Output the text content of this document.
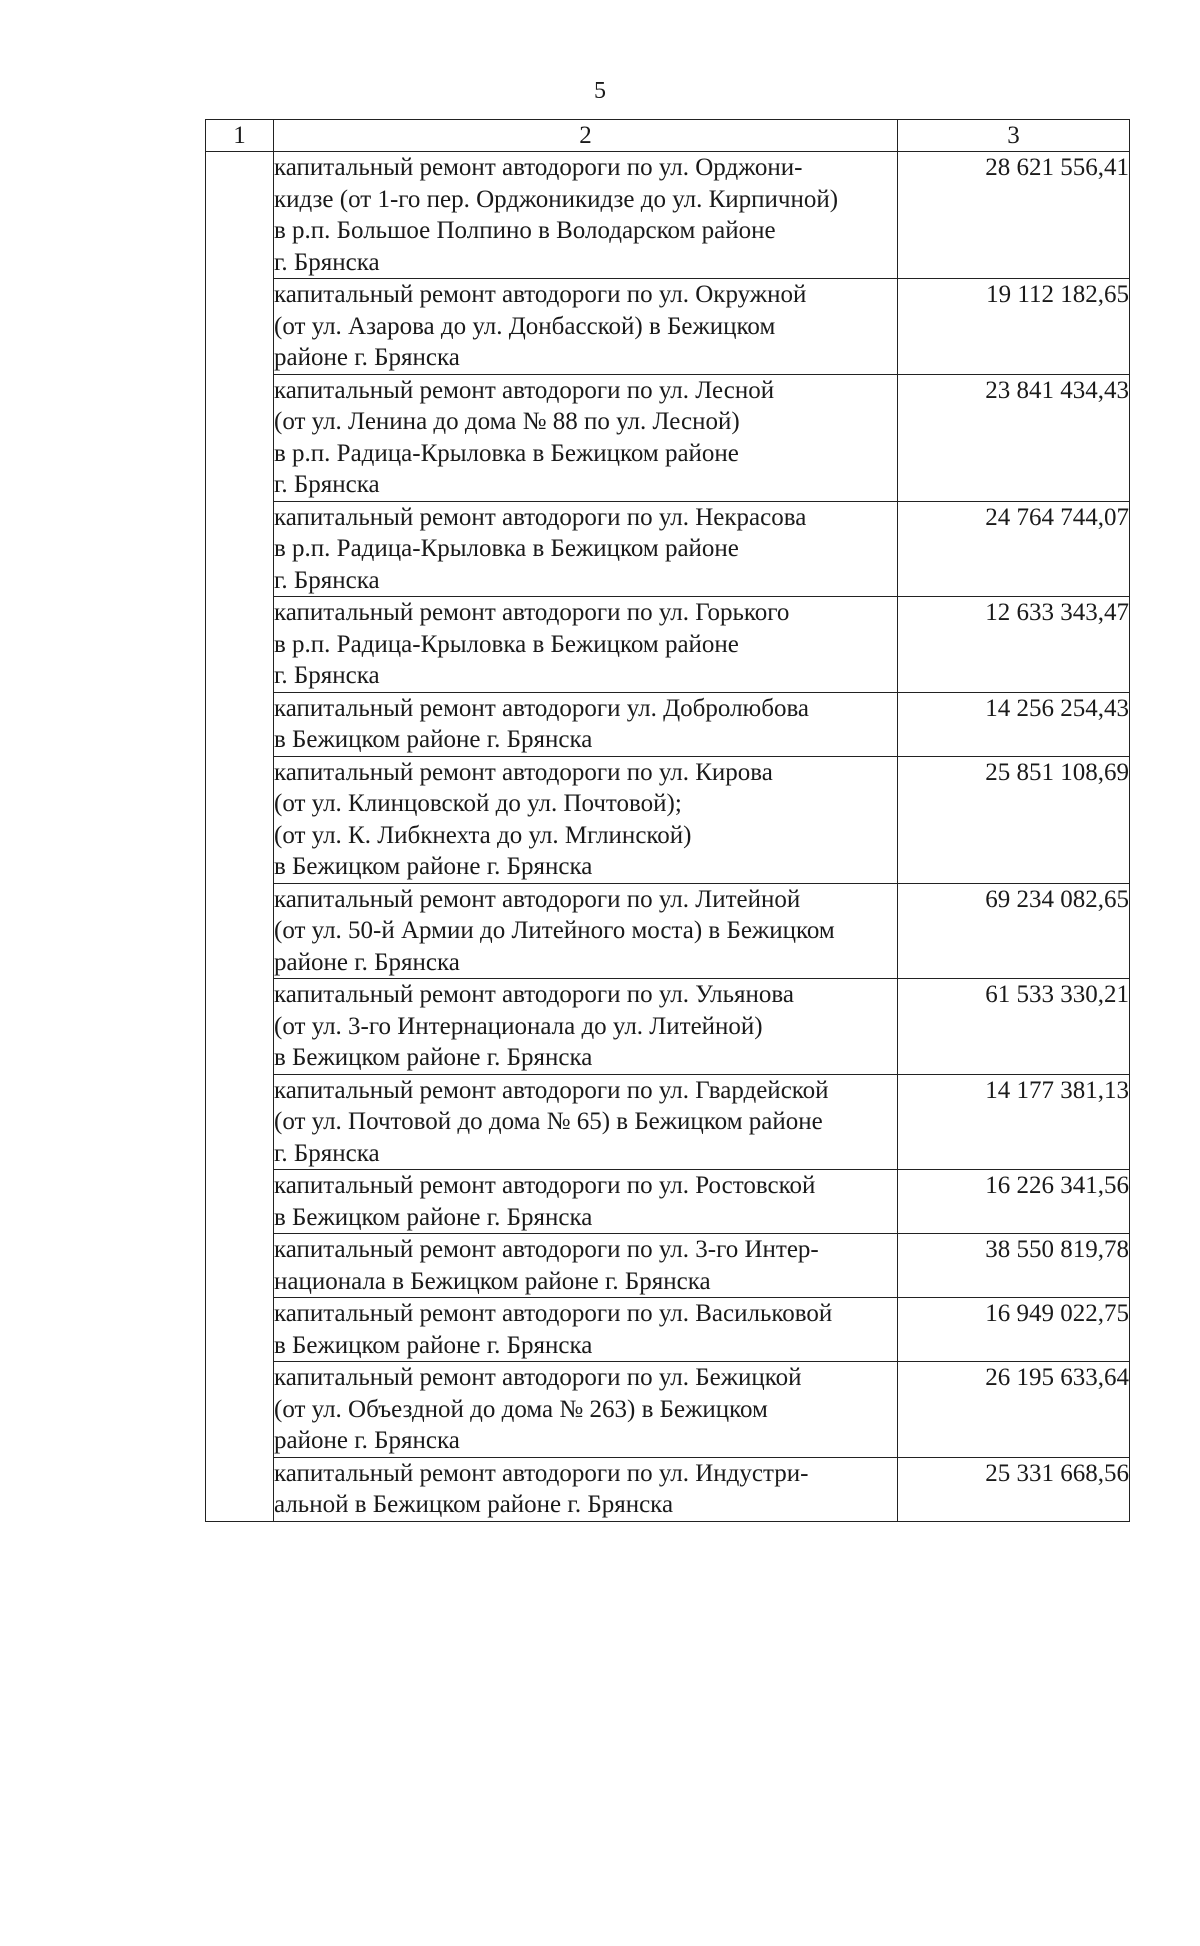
5
1	2	3

	капитальный ремонт автодороги по ул. Орджони-
кидзе (от 1-го пер. Орджоникидзе до ул. Кирпичной)
в р.п. Большое Полпино в Володарском районе
г. Брянска	28 621 556,41

	капитальный ремонт автодороги по ул. Окружной
(от ул. Азарова до ул. Донбасской) в Бежицком
районе г. Брянска	19 112 182,65

	капитальный ремонт автодороги по ул. Лесной
(от ул. Ленина до дома № 88 по ул. Лесной)
в р.п. Радица-Крыловка в Бежицком районе
г. Брянска	23 841 434,43

	капитальный ремонт автодороги по ул. Некрасова
в р.п. Радица-Крыловка в Бежицком районе
г. Брянска	24 764 744,07

	капитальный ремонт автодороги по ул. Горького
в р.п. Радица-Крыловка в Бежицком районе
г. Брянска	12 633 343,47

	капитальный ремонт автодороги ул. Добролюбова
в Бежицком районе г. Брянска	14 256 254,43

	капитальный ремонт автодороги по ул. Кирова
(от ул. Клинцовской до ул. Почтовой);
(от ул. К. Либкнехта до ул. Мглинской)
в Бежицком районе г. Брянска	25 851 108,69

	капитальный ремонт автодороги по ул. Литейной
(от ул. 50-й Армии до Литейного моста) в Бежицком
районе г. Брянска	69 234 082,65

	капитальный ремонт автодороги по ул. Ульянова
(от ул. 3-го Интернационала до ул. Литейной)
в Бежицком районе г. Брянска	61 533 330,21

	капитальный ремонт автодороги по ул. Гвардейской
(от ул. Почтовой до дома № 65) в Бежицком районе
г. Брянска	14 177 381,13

	капитальный ремонт автодороги по ул. Ростовской
в Бежицком районе г. Брянска	16 226 341,56

	капитальный ремонт автодороги по ул. 3-го Интер-
национала в Бежицком районе г. Брянска	38 550 819,78

	капитальный ремонт автодороги по ул. Васильковой
в Бежицком районе г. Брянска	16 949 022,75

	капитальный ремонт автодороги по ул. Бежицкой
(от ул. Объездной до дома № 263) в Бежицком
районе г. Брянска	26 195 633,64

	капитальный ремонт автодороги по ул. Индустри-
альной в Бежицком районе г. Брянска	25 331 668,56
